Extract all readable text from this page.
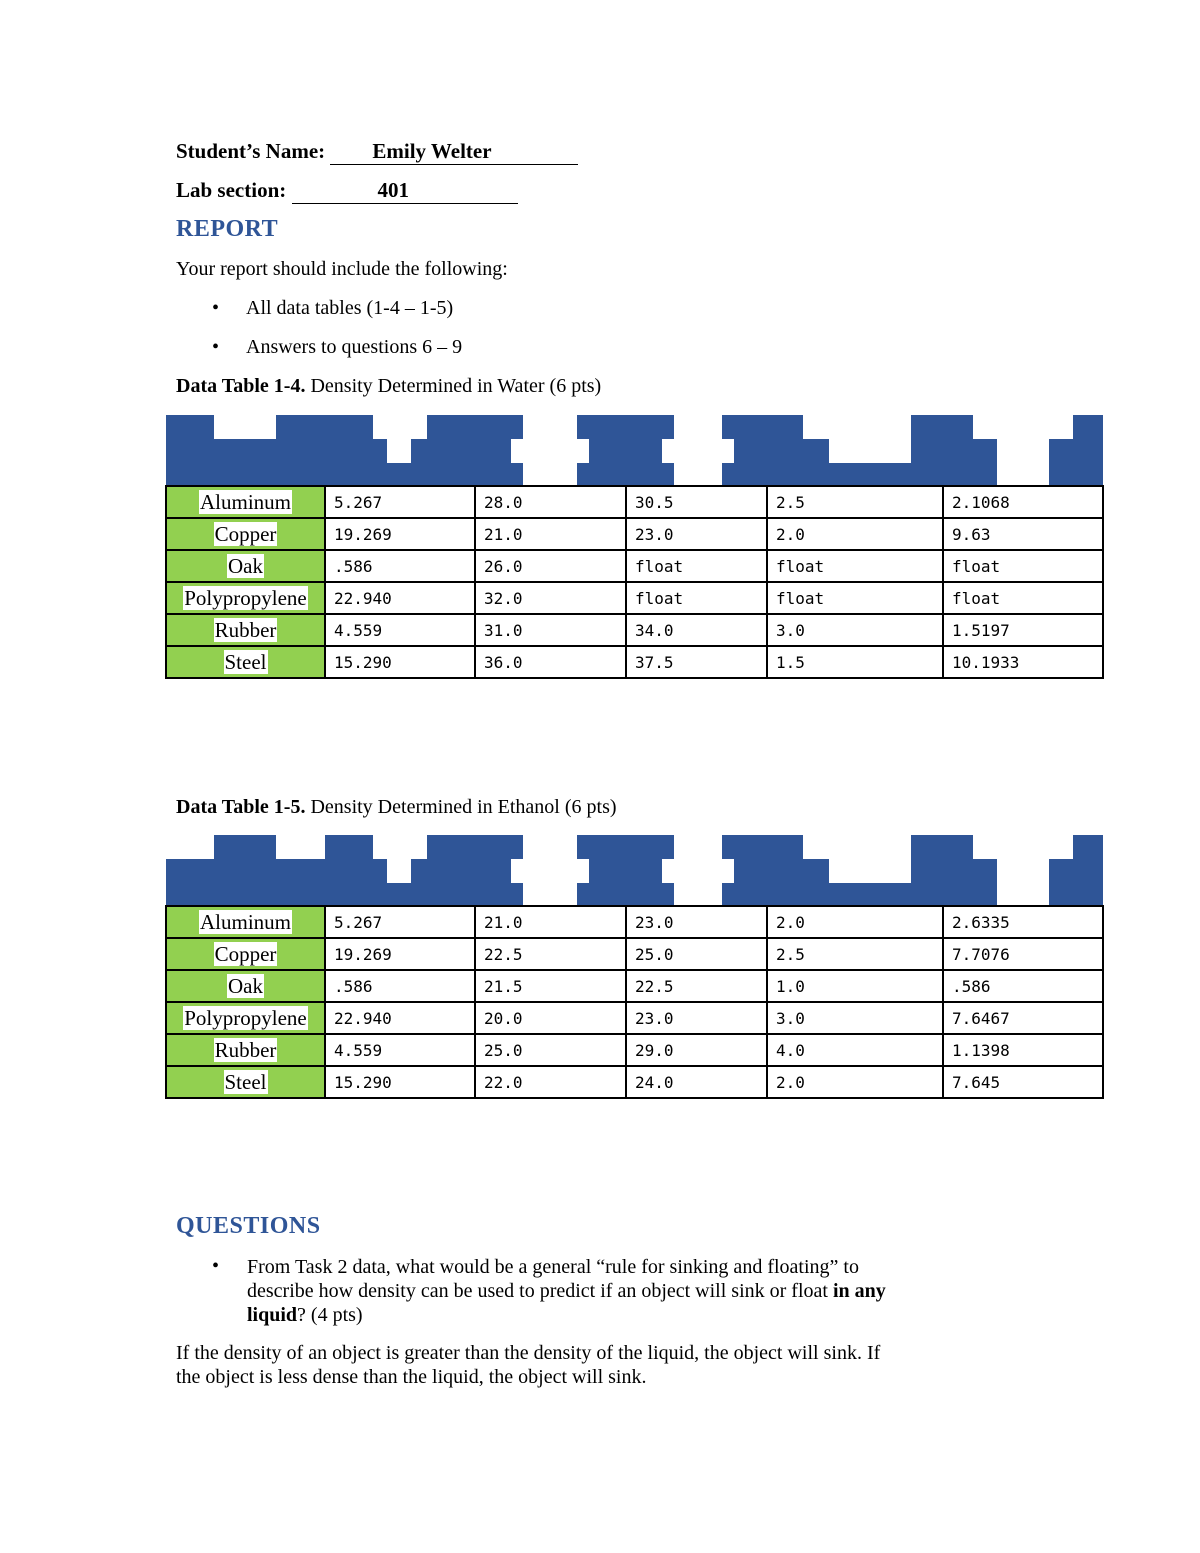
Student’s Name: Emily Welter
Lab section:	401
REPORT
Your report should include the following:
• All data tables (1-4 – 1-5)
• Answers to questions 6 – 9
Data Table 1-4. Density Determined in Water (6 pts)

Aluminum	5.267	28.0	30.5	2.5	2.1068
Copper	19.269	21.0	23.0	2.0	9.63
Oak	.586	26.0	float	float	float
Polypropylene	22.940	32.0	float	float	float
Rubber	4.559	31.0	34.0	3.0	1.5197
Steel	15.290	36.0	37.5	1.5	10.1933
Data Table 1-5. Density Determined in Ethanol (6 pts)

Aluminum	5.267	21.0	23.0	2.0	2.6335
Copper	19.269	22.5	25.0	2.5	7.7076
Oak	.586	21.5	22.5	1.0	.586
Polypropylene	22.940	20.0	23.0	3.0	7.6467
Rubber	4.559	25.0	29.0	4.0	1.1398
Steel	15.290	22.0	24.0	2.0	7.645
QUESTIONS
• From Task 2 data, what would be a general “rule for sinking and floating” to
describe how density can be used to predict if an object will sink or float in any
liquid? (4 pts)
If the density of an object is greater than the density of the liquid, the object will sink. If
the object is less dense than the liquid, the object will sink.
